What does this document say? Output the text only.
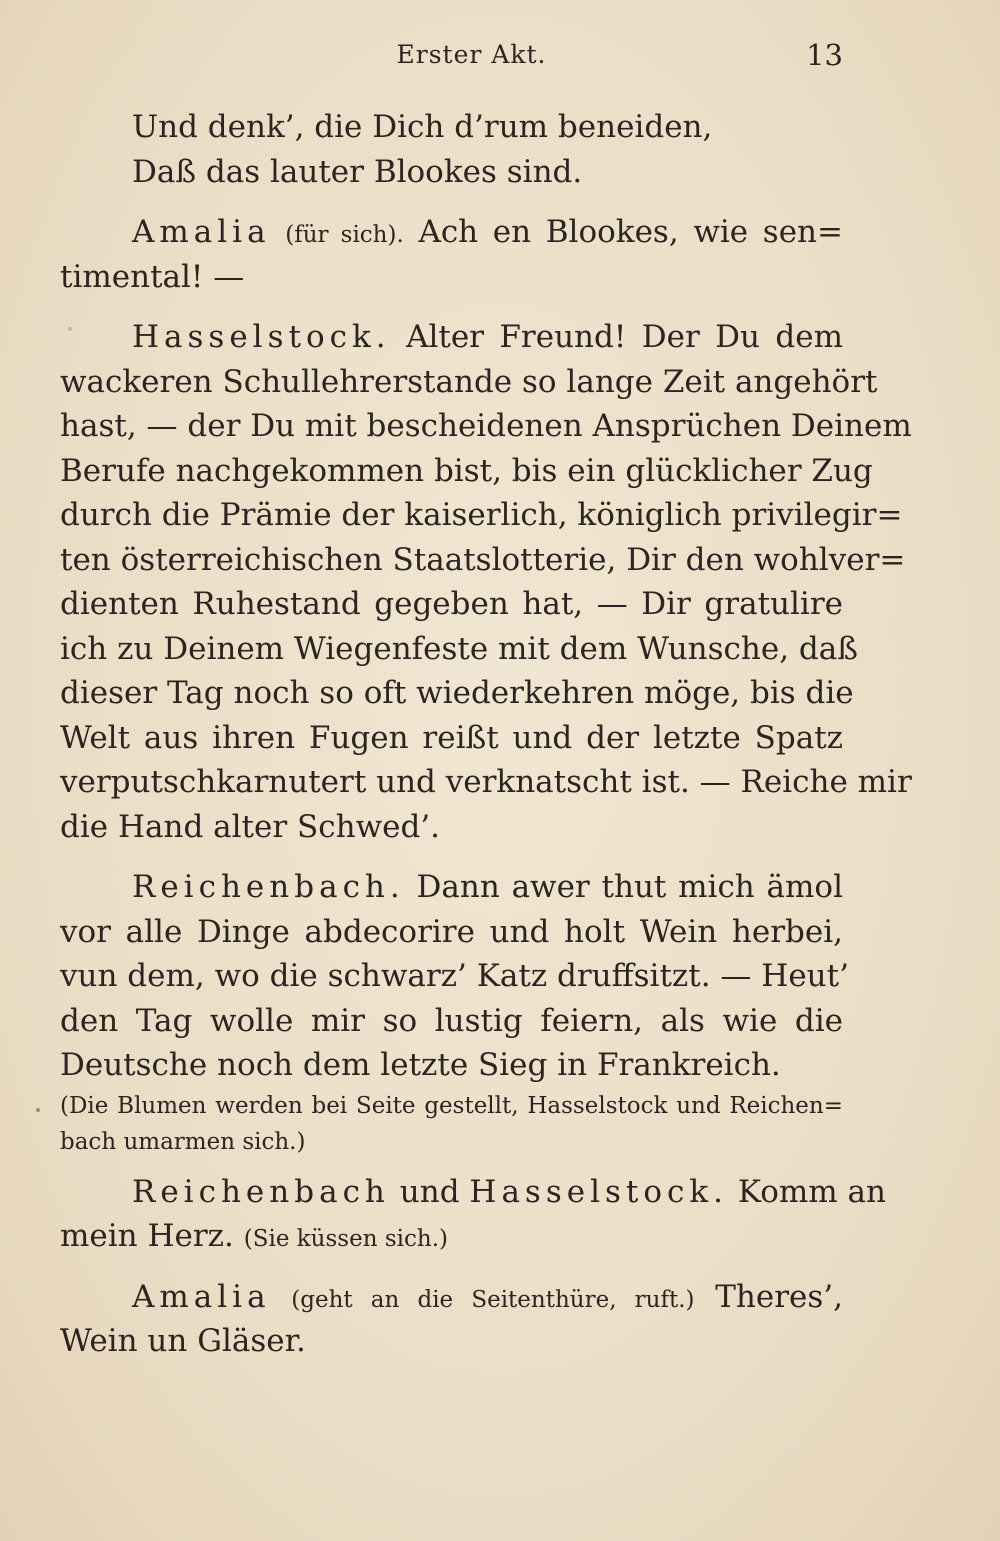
Erster Akt.	13
Und denk’, die Dich d’rum beneiden,
Daß das lauter Blookes sind.
Amalia (für sich). Ach en Blookes, wie sen=
timental! —
Hasselstock. Alter Freund! Der Du dem
wackeren Schullehrerstande so lange Zeit angehört
hast, — der Du mit bescheidenen Ansprüchen Deinem
Berufe nachgekommen bist, bis ein glücklicher Zug
durch die Prämie der kaiserlich, königlich privilegir=
ten österreichischen Staatslotterie, Dir den wohlver=
dienten Ruhestand gegeben hat, — Dir gratulire
ich zu Deinem Wiegenfeste mit dem Wunsche, daß
dieser Tag noch so oft wiederkehren möge, bis die
Welt aus ihren Fugen reißt und der letzte Spatz
verputschkarnutert und verknatscht ist. — Reiche mir
die Hand alter Schwed’.
Reichenbach. Dann awer thut mich ämol
vor alle Dinge abdecorire und holt Wein herbei,
vun dem, wo die schwarz’ Katz druffsitzt. — Heut’
den Tag wolle mir so lustig feiern, als wie die
Deutsche noch dem letzte Sieg in Frankreich.
(Die Blumen werden bei Seite gestellt, Hasselstock und Reichen=
bach umarmen sich.)
Reichenbach und Hasselstock. Komm an
mein Herz. (Sie küssen sich.)
Amalia (geht an die Seitenthüre, ruft.) Theres’,
Wein un Gläser.
